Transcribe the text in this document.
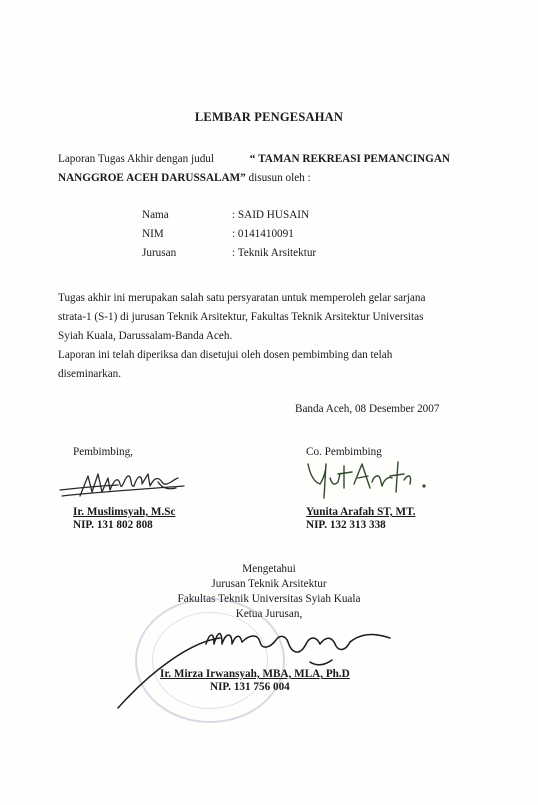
LEMBAR PENGESAHAN
Laporan Tugas Akhir dengan judul	“ TAMAN REKREASI PEMANCINGAN
NANGGROE ACEH DARUSSALAM” disusun oleh :
Nama	: SAID HUSAIN
NIM	: 0141410091
Jurusan	: Teknik Arsitektur
Tugas akhir ini merupakan salah satu persyaratan untuk memperoleh gelar sarjana
strata-1 (S-1) di jurusan Teknik Arsitektur, Fakultas Teknik Arsitektur Universitas
Syiah Kuala, Darussalam-Banda Aceh.
Laporan ini telah diperiksa dan disetujui oleh dosen pembimbing dan telah
diseminarkan.
Banda Aceh, 08 Desember 2007
Pembimbing,
Ir. Muslimsyah, M.Sc
NIP. 131 802 808
Co. Pembimbing
Yunita Arafah ST, MT.
NIP. 132 313 338
Mengetahui
Jurusan Teknik Arsitektur
Fakultas Teknik Universitas Syiah Kuala
Ketua Jurusan,
Ir. Mirza Irwansyah, MBA, MLA, Ph.D
NIP. 131 756 004
